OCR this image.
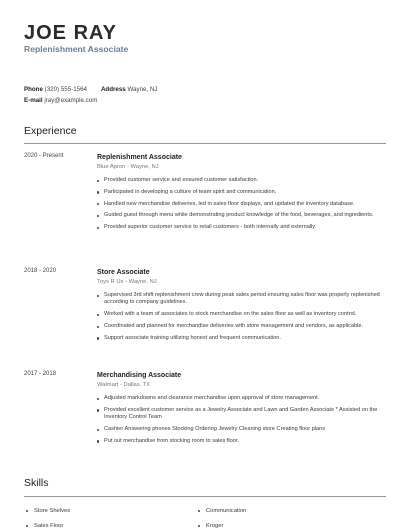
JOE RAY
Replenishment Associate
Phone (320) 555-1564 Address Wayne, NJ
E-mail jray@example.com
Experience
2020 - Present	Replenishment Associate
Blue Apron - Wayne, NJ
Provided customer service and ensured customer satisfaction.
Participated in developing a culture of team spirit and communication.
Handled new merchandise deliveries, led in sales floor displays, and updated the inventory database.
Guided guest through menu while demonstrating product knowledge of the food, beverages, and ingredients.
Provided superior customer service to retail customers - both internally and externally.
2018 - 2020	Store Associate
Toys R Us - Wayne, NJ
Supervised 3rd shift replenishment crew during peak sales period ensuring sales floor was properly replenished according to company guidelines.
Worked with a team of associates to stock merchandise on the sales floor as well as inventory control.
Coordinated and planned for merchandise deliveries with store management and vendors, as applicable.
Support associate training utilizing honest and frequent communication.
2017 - 2018	Merchandising Associate
Walmart - Dallas, TX
Adjusted markdowns and clearance merchandise upon approval of store management.
Provided excellent customer service as a Jewelry Associate and Lawn and Garden Associate * Assisted on the Inventory Control Team
Cashier Answering phones Stocking Ordering Jewelry Cleaning store Creating floor plans
Put out merchandise from stocking room to sales floor.
Skills
Store Shelves	Communication
Sales Floor	Kroger
